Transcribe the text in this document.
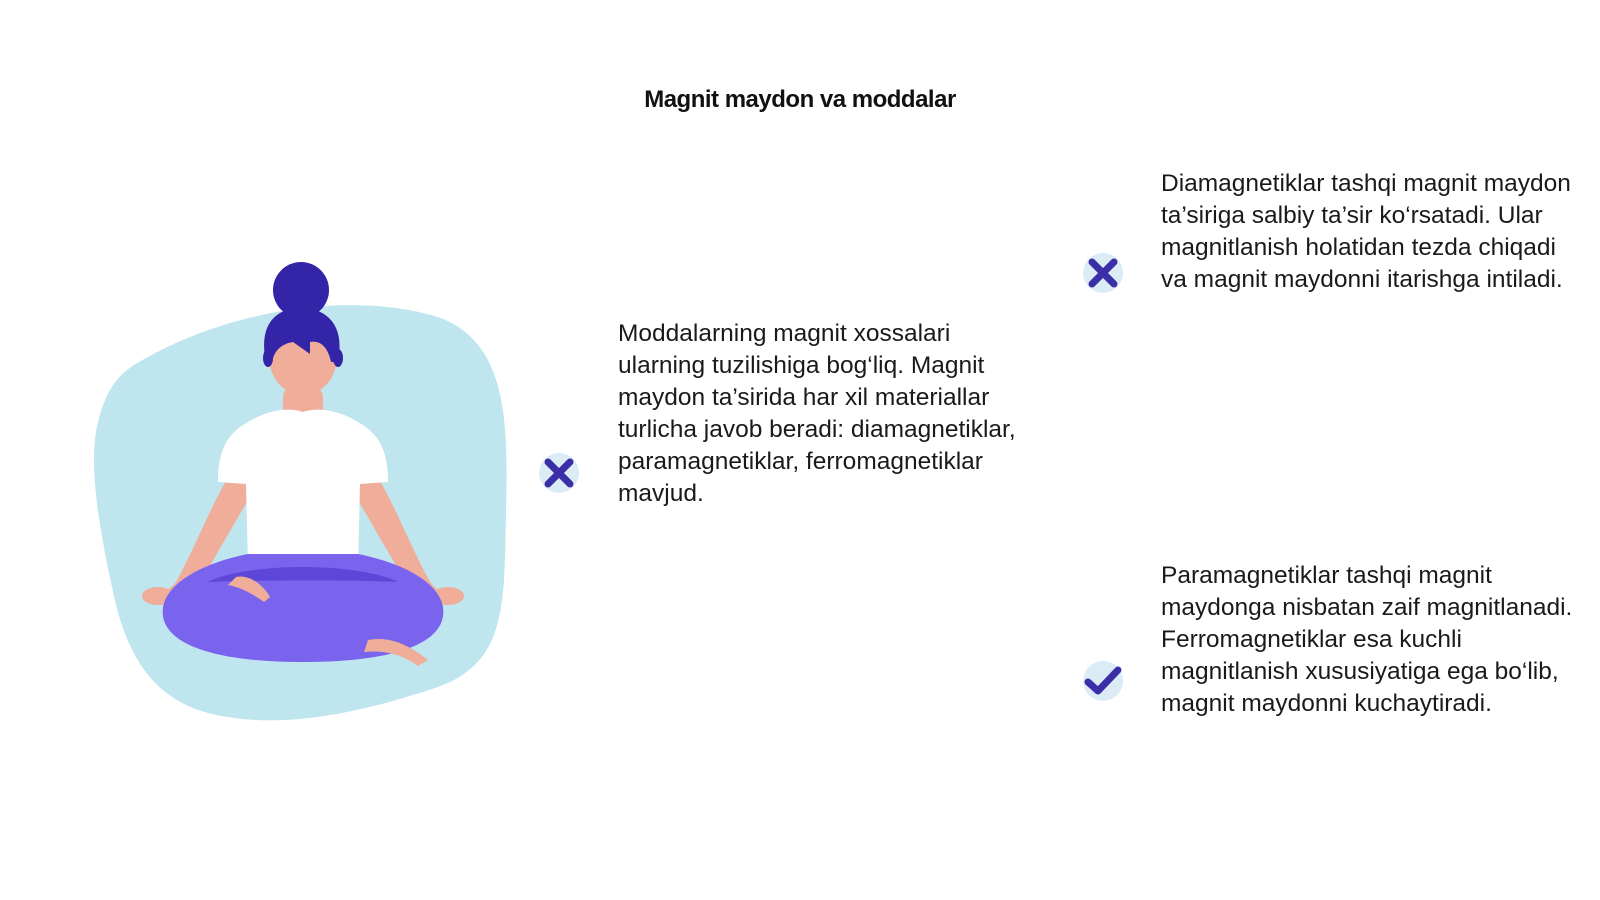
Magnit maydon va moddalar
Moddalarning magnit xossalari ularning tuzilishiga bog‘liq. Magnit maydon ta’sirida har xil materiallar turlicha javob beradi: diamagnetiklar, paramagnetiklar, ferromagnetiklar mavjud.
Diamagnetiklar tashqi magnit maydon ta’siriga salbiy ta’sir ko‘rsatadi. Ular magnitlanish holatidan tezda chiqadi va magnit maydonni itarishga intiladi.
Paramagnetiklar tashqi magnit maydonga nisbatan zaif magnitlanadi. Ferromagnetiklar esa kuchli magnitlanish xususiyatiga ega bo‘lib, magnit maydonni kuchaytiradi.
